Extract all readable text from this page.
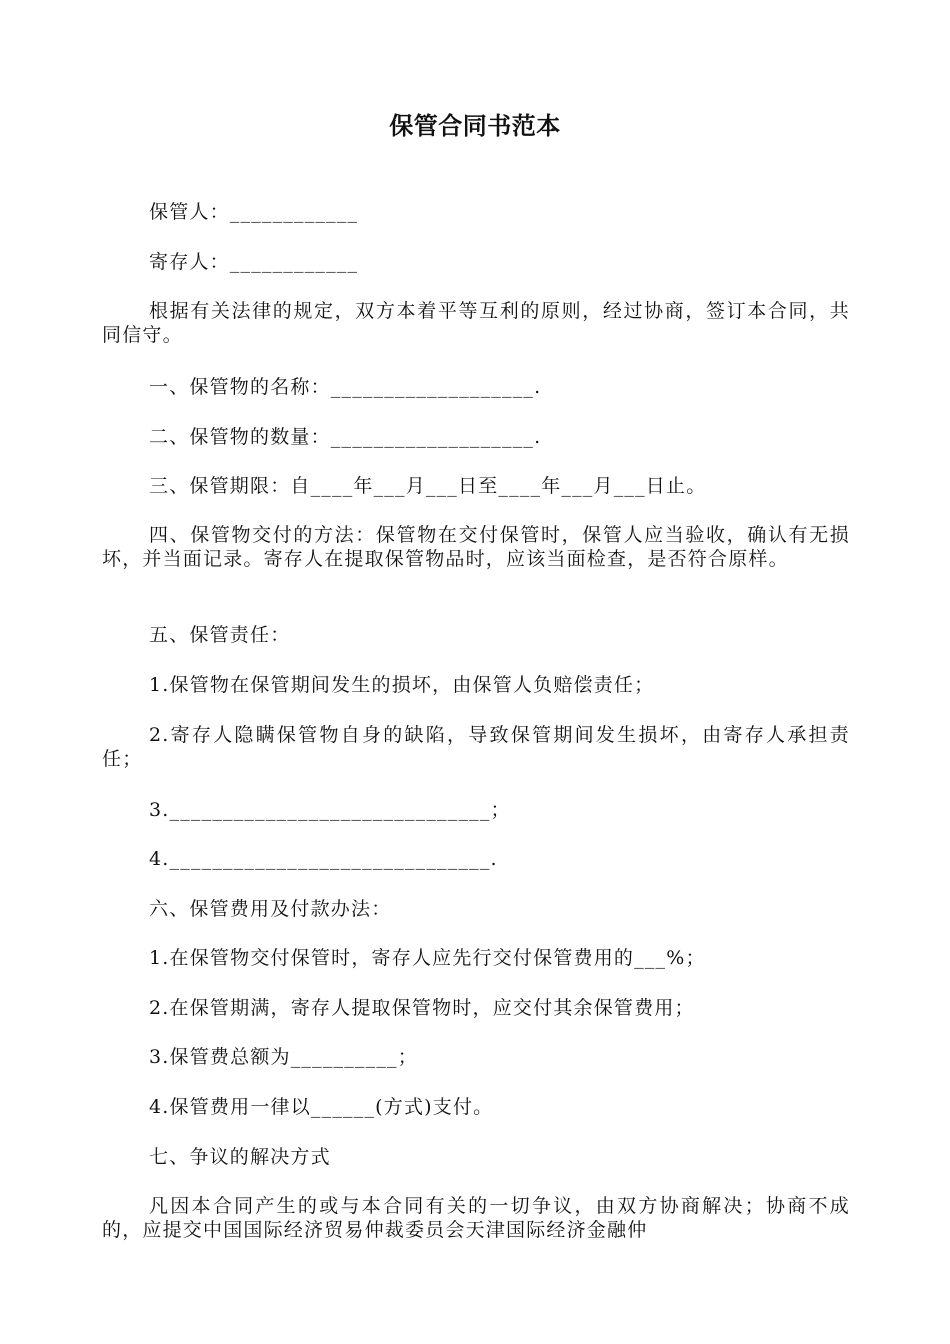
保管合同书范本
保管人：____________
寄存人：____________
根据有关法律的规定，双方本着平等互利的原则，经过协商，签订本合同，共同信守。
一、保管物的名称：___________________.
二、保管物的数量：___________________.
三、保管期限：自____年___月___日至____年___月___日止。
四、保管物交付的方法：保管物在交付保管时，保管人应当验收，确认有无损坏，并当面记录。寄存人在提取保管物品时，应该当面检查，是否符合原样。
五、保管责任：
1.保管物在保管期间发生的损坏，由保管人负赔偿责任；
2.寄存人隐瞒保管物自身的缺陷，导致保管期间发生损坏，由寄存人承担责任；
3.______________________________；
4.______________________________.
六、保管费用及付款办法：
1.在保管物交付保管时，寄存人应先行交付保管费用的___%；
2.在保管期满，寄存人提取保管物时，应交付其余保管费用；
3.保管费总额为__________；
4.保管费用一律以______(方式)支付。
七、争议的解决方式
凡因本合同产生的或与本合同有关的一切争议，由双方协商解决；协商不成的，应提交中国国际经济贸易仲裁委员会天津国际经济金融仲
